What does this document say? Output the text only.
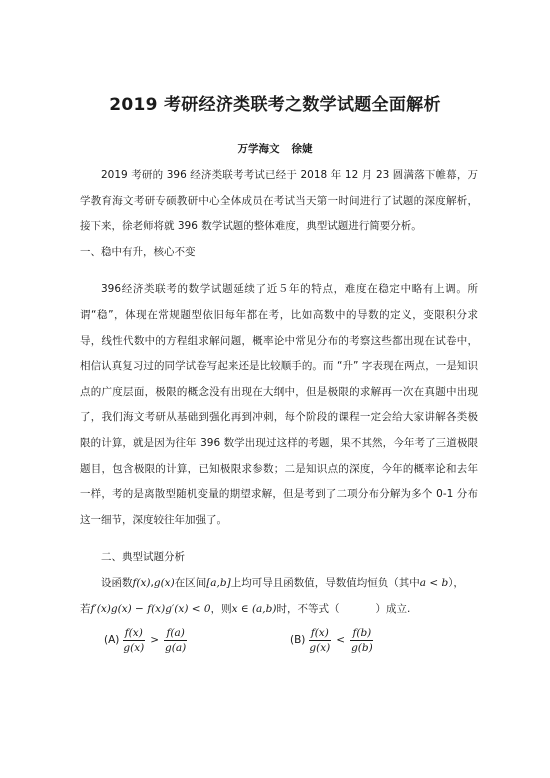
2019 考研经济类联考之数学试题全面解析
万学海文 徐婕

2019 考研的 396 经济类联考考试已经于 2018 年 12 月 23 圆满落下帷幕，万学教育海文考研专硕教研中心全体成员在考试当天第一时间进行了试题的深度解析，接下来，徐老师将就 396 数学试题的整体难度，典型试题进行简要分析。

一、稳中有升，核心不变

396经济类联考的数学试题延续了近５年的特点，难度在稳定中略有上调。所谓“稳”，体现在常规题型依旧每年都在考，比如高数中的导数的定义，变限积分求导，线性代数中的方程组求解问题，概率论中常见分布的考察这些都出现在试卷中，相信认真复习过的同学试卷写起来还是比较顺手的。而 “升” 字表现在两点，一是知识点的广度层面，极限的概念没有出现在大纲中，但是极限的求解再一次在真题中出现了，我们海文考研从基础到强化再到冲刺，每个阶段的课程一定会给大家讲解各类极限的计算，就是因为往年 396 数学出现过这样的考题，果不其然，今年考了三道极限题目，包含极限的计算，已知极限求参数；二是知识点的深度，今年的概率论和去年一样，考的是离散型随机变量的期望求解，但是考到了二项分布分解为多个 0-1 分布这一细节，深度较往年加强了。

二、典型试题分析

设函数f(x),g(x)在区间[a,b]上均可导且函数值，导数值均恒负（其中a < b），

若f′(x)g(x) − f(x)g′(x) < 0，则x ∈ (a,b)时，不等式（	）成立.

$(A) \frac{f(x)}{g(x)} > \frac{f(a)}{g(a)}$	$(B) \frac{f(x)}{g(x)} < \frac{f(b)}{g(b)}$
